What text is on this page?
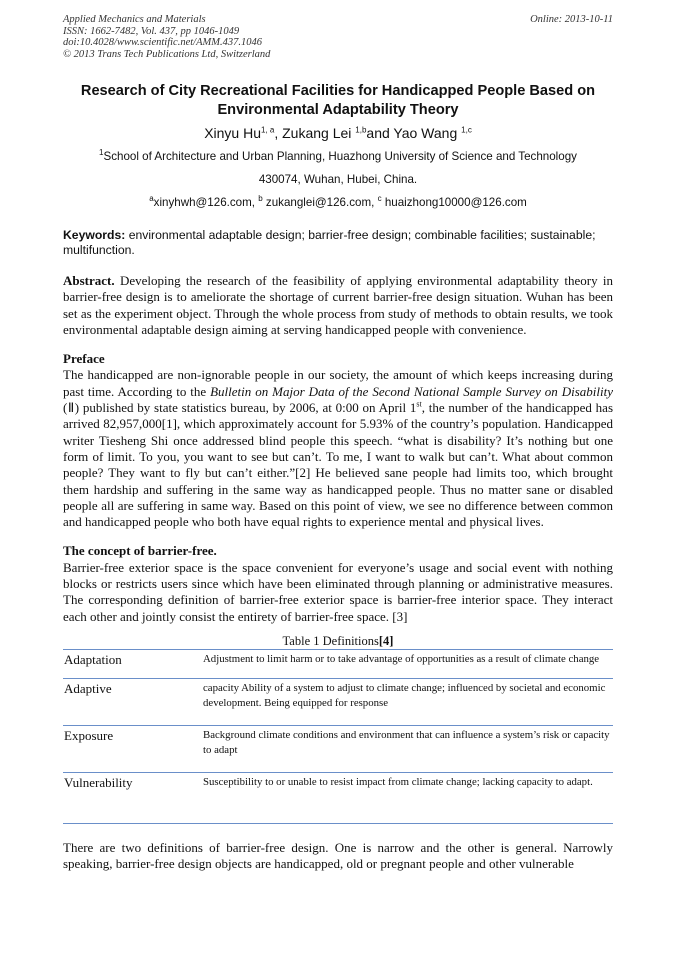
Applied Mechanics and Materials
ISSN: 1662-7482, Vol. 437, pp 1046-1049
doi:10.4028/www.scientific.net/AMM.437.1046
© 2013 Trans Tech Publications Ltd, Switzerland
Online: 2013-10-11
Research of City Recreational Facilities for Handicapped People Based on Environmental Adaptability Theory
Xinyu Hu$^{1, a}$, Zukang Lei $^{1,b}$and Yao Wang $^{1,c}$
$^1$School of Architecture and Urban Planning, Huazhong University of Science and Technology
430074, Wuhan, Hubei, China.
$^a$xinyhwh@126.com, $^b$ zukanglei@126.com, $^c$ huaizhong10000@126.com
Keywords: environmental adaptable design; barrier-free design; combinable facilities; sustainable; multifunction.
Abstract. Developing the research of the feasibility of applying environmental adaptability theory in barrier-free design is to ameliorate the shortage of current barrier-free design situation. Wuhan has been set as the experiment object. Through the whole process from study of methods to obtain results, we took environmental adaptable design aiming at serving handicapped people with convenience.
Preface
The handicapped are non-ignorable people in our society, the amount of which keeps increasing during past time. According to the Bulletin on Major Data of the Second National Sample Survey on Disability (Ⅱ) published by state statistics bureau, by 2006, at 0:00 on April 1st, the number of the handicapped has arrived 82,957,000[1], which approximately account for 5.93% of the country’s population. Handicapped writer Tiesheng Shi once addressed blind people this speech. “what is disability? It’s nothing but one form of limit. To you, you want to see but can’t. To me, I want to walk but can’t. What about common people? They want to fly but can’t either.”[2] He believed sane people had limits too, which brought them hardship and suffering in the same way as handicapped people. Thus no matter sane or disabled people all are suffering in same way. Based on this point of view, we see no difference between common and handicapped people who both have equal rights to experience mental and physical lives.
The concept of barrier-free.
Barrier-free exterior space is the space convenient for everyone’s usage and social event with nothing blocks or restricts users since which have been eliminated through planning or administrative measures. The corresponding definition of barrier-free exterior space is barrier-free interior space. They interact each other and jointly consist the entirety of barrier-free space. [3]
Table 1 Definitions[4]
Adaptation	Adjustment to limit harm or to take advantage of opportunities as a result of climate change
Adaptive	capacity Ability of a system to adjust to climate change; influenced by societal and economic development. Being equipped for response
Exposure	Background climate conditions and environment that can influence a system’s risk or capacity to adapt
Vulnerability	Susceptibility to or unable to resist impact from climate change; lacking capacity to adapt.
There are two definitions of barrier-free design. One is narrow and the other is general. Narrowly speaking, barrier-free design objects are handicapped, old or pregnant people and other vulnerable
